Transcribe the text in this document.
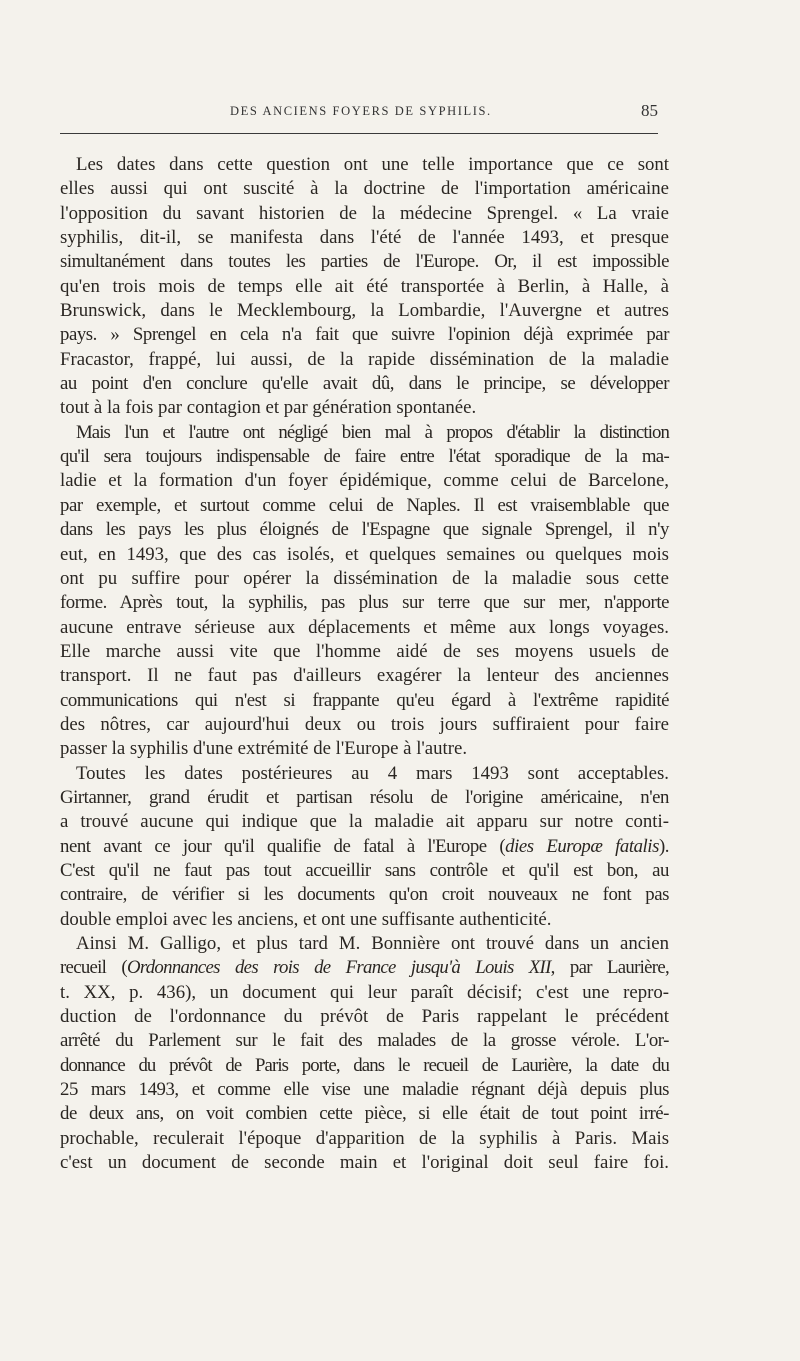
DES ANCIENS FOYERS DE SYPHILIS.	85
Les dates dans cette question ont une telle importance que ce sont
elles aussi qui ont suscité à la doctrine de l'importation américaine
l'opposition du savant historien de la médecine Sprengel. « La vraie
syphilis, dit-il, se manifesta dans l'été de l'année 1493, et presque
simultanément dans toutes les parties de l'Europe. Or, il est impossible
qu'en trois mois de temps elle ait été transportée à Berlin, à Halle, à
Brunswick, dans le Mecklembourg, la Lombardie, l'Auvergne et autres
pays. » Sprengel en cela n'a fait que suivre l'opinion déjà exprimée par
Fracastor, frappé, lui aussi, de la rapide dissémination de la maladie
au point d'en conclure qu'elle avait dû, dans le principe, se développer
tout à la fois par contagion et par génération spontanée.
Mais l'un et l'autre ont négligé bien mal à propos d'établir la distinction
qu'il sera toujours indispensable de faire entre l'état sporadique de la ma-
ladie et la formation d'un foyer épidémique, comme celui de Barcelone,
par exemple, et surtout comme celui de Naples. Il est vraisemblable que
dans les pays les plus éloignés de l'Espagne que signale Sprengel, il n'y
eut, en 1493, que des cas isolés, et quelques semaines ou quelques mois
ont pu suffire pour opérer la dissémination de la maladie sous cette
forme. Après tout, la syphilis, pas plus sur terre que sur mer, n'apporte
aucune entrave sérieuse aux déplacements et même aux longs voyages.
Elle marche aussi vite que l'homme aidé de ses moyens usuels de
transport. Il ne faut pas d'ailleurs exagérer la lenteur des anciennes
communications qui n'est si frappante qu'eu égard à l'extrême rapidité
des nôtres, car aujourd'hui deux ou trois jours suffiraient pour faire
passer la syphilis d'une extrémité de l'Europe à l'autre.
Toutes les dates postérieures au 4 mars 1493 sont acceptables.
Girtanner, grand érudit et partisan résolu de l'origine américaine, n'en
a trouvé aucune qui indique que la maladie ait apparu sur notre conti-
nent avant ce jour qu'il qualifie de fatal à l'Europe (dies Europæ fatalis).
C'est qu'il ne faut pas tout accueillir sans contrôle et qu'il est bon, au
contraire, de vérifier si les documents qu'on croit nouveaux ne font pas
double emploi avec les anciens, et ont une suffisante authenticité.
Ainsi M. Galligo, et plus tard M. Bonnière ont trouvé dans un ancien
recueil (Ordonnances des rois de France jusqu'à Louis XII, par Laurière,
t. XX, p. 436), un document qui leur paraît décisif; c'est une repro-
duction de l'ordonnance du prévôt de Paris rappelant le précédent
arrêté du Parlement sur le fait des malades de la grosse vérole. L'or-
donnance du prévôt de Paris porte, dans le recueil de Laurière, la date du
25 mars 1493, et comme elle vise une maladie régnant déjà depuis plus
de deux ans, on voit combien cette pièce, si elle était de tout point irré-
prochable, reculerait l'époque d'apparition de la syphilis à Paris. Mais
c'est un document de seconde main et l'original doit seul faire foi.
